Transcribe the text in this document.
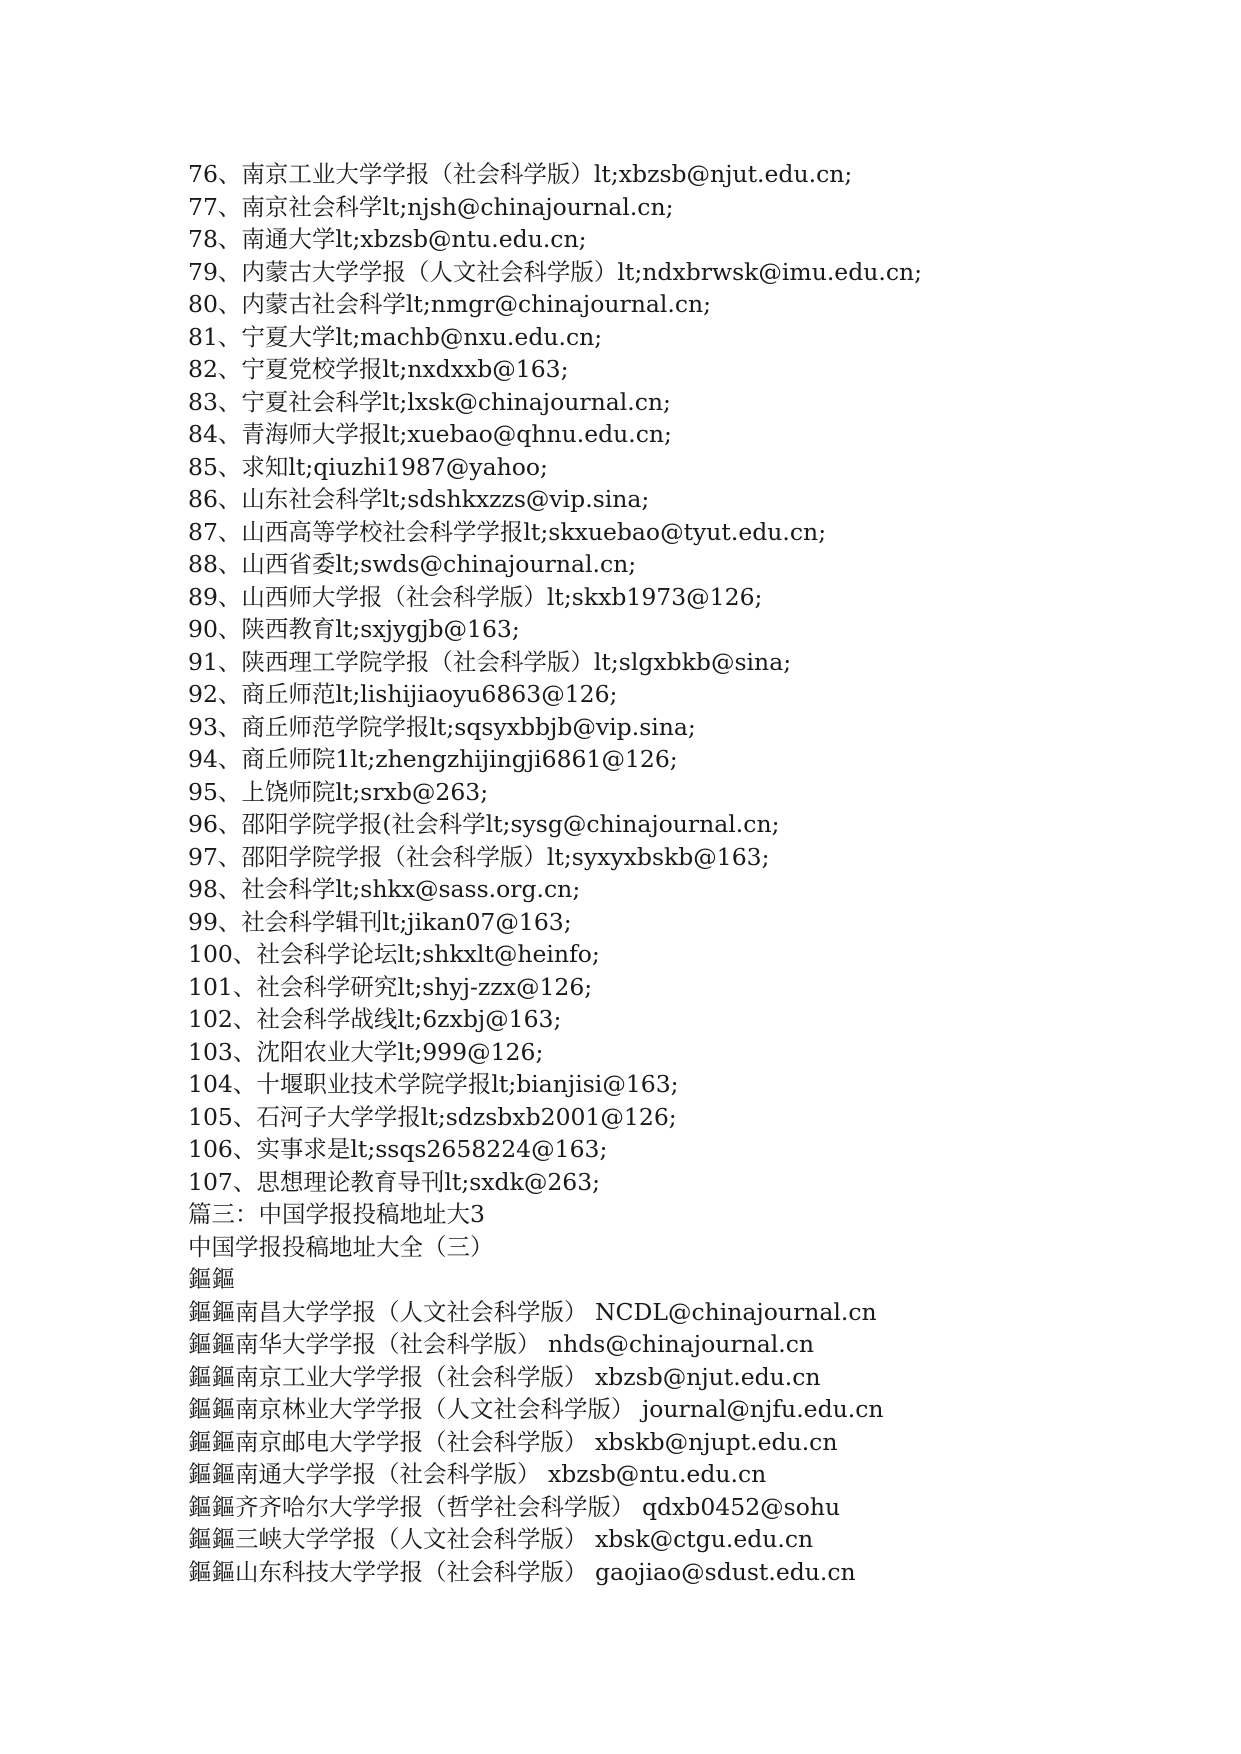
76、南京工业大学学报（社会科学版）lt;xbzsb@njut.edu.cn;
77、南京社会科学lt;njsh@chinajournal.cn;
78、南通大学lt;xbzsb@ntu.edu.cn;
79、内蒙古大学学报（人文社会科学版）lt;ndxbrwsk@imu.edu.cn;
80、内蒙古社会科学lt;nmgr@chinajournal.cn;
81、宁夏大学lt;machb@nxu.edu.cn;
82、宁夏党校学报lt;nxdxxb@163;
83、宁夏社会科学lt;lxsk@chinajournal.cn;
84、青海师大学报lt;xuebao@qhnu.edu.cn;
85、求知lt;qiuzhi1987@yahoo;
86、山东社会科学lt;sdshkxzzs@vip.sina;
87、山西高等学校社会科学学报lt;skxuebao@tyut.edu.cn;
88、山西省委lt;swds@chinajournal.cn;
89、山西师大学报（社会科学版）lt;skxb1973@126;
90、陕西教育lt;sxjygjb@163;
91、陕西理工学院学报（社会科学版）lt;slgxbkb@sina;
92、商丘师范lt;lishijiaoyu6863@126;
93、商丘师范学院学报lt;sqsyxbbjb@vip.sina;
94、商丘师院1lt;zhengzhijingji6861@126;
95、上饶师院lt;srxb@263;
96、邵阳学院学报(社会科学lt;sysg@chinajournal.cn;
97、邵阳学院学报（社会科学版）lt;syxyxbskb@163;
98、社会科学lt;shkx@sass.org.cn;
99、社会科学辑刊lt;jikan07@163;
100、社会科学论坛lt;shkxlt@heinfo;
101、社会科学研究lt;shyj-zzx@126;
102、社会科学战线lt;6zxbj@163;
103、沈阳农业大学lt;999@126;
104、十堰职业技术学院学报lt;bianjisi@163;
105、石河子大学学报lt;sdzsbxb2001@126;
106、实事求是lt;ssqs2658224@163;
107、思想理论教育导刊lt;sxdk@263;
篇三：中国学报投稿地址大3
中国学报投稿地址大全（三）
鏂鏂
鏂鏂南昌大学学报（人文社会科学版） NCDL@chinajournal.cn
鏂鏂南华大学学报（社会科学版） nhds@chinajournal.cn
鏂鏂南京工业大学学报（社会科学版） xbzsb@njut.edu.cn
鏂鏂南京林业大学学报（人文社会科学版） journal@njfu.edu.cn
鏂鏂南京邮电大学学报（社会科学版） xbskb@njupt.edu.cn
鏂鏂南通大学学报（社会科学版） xbzsb@ntu.edu.cn
鏂鏂齐齐哈尔大学学报（哲学社会科学版） qdxb0452@sohu
鏂鏂三峡大学学报（人文社会科学版） xbsk@ctgu.edu.cn
鏂鏂山东科技大学学报（社会科学版） gaojiao@sdust.edu.cn
